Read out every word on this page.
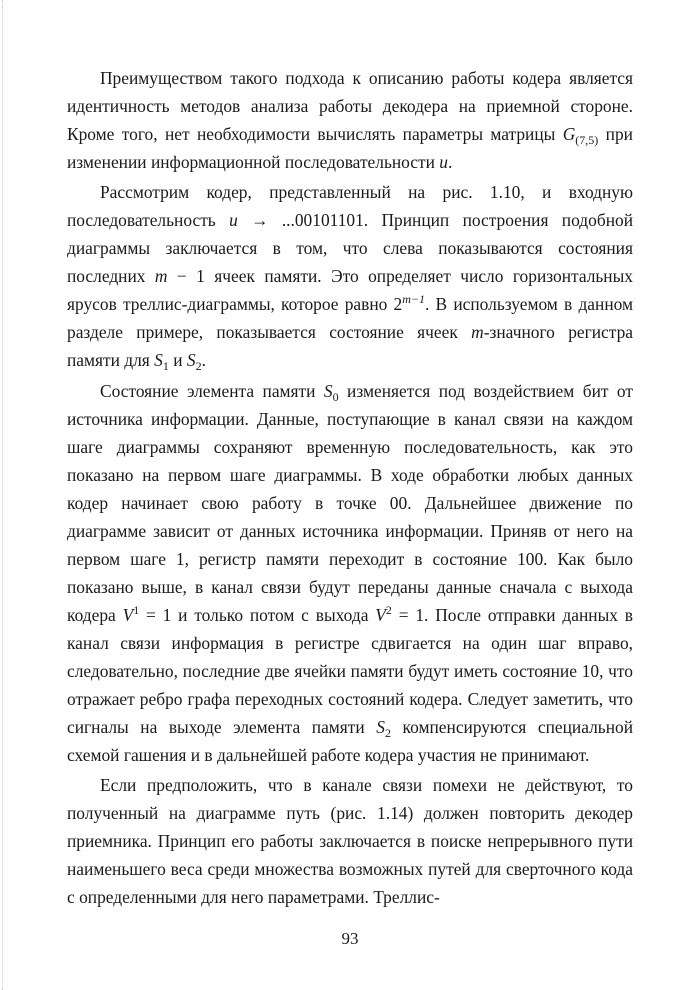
Преимуществом такого подхода к описанию работы кодера является идентичность методов анализа работы декодера на приемной стороне. Кроме того, нет необходимости вычислять параметры матрицы $G_{(7,5)}$ при изменении информационной последовательности u.

Рассмотрим кодер, представленный на рис. 1.10, и входную последовательность u → ...00101101. Принцип построения подобной диаграммы заключается в том, что слева показываются состояния последних m − 1 ячеек памяти. Это определяет число горизонтальных ярусов треллис-диаграммы, которое равно $2^{m-1}$. В используемом в данном разделе примере, показывается состояние ячеек m-значного регистра памяти для $S_1$ и $S_2$.

Состояние элемента памяти $S_0$ изменяется под воздействием бит от источника информации. Данные, поступающие в канал связи на каждом шаге диаграммы сохраняют временную последовательность, как это показано на первом шаге диаграммы. В ходе обработки любых данных кодер начинает свою работу в точке 00. Дальнейшее движение по диаграмме зависит от данных источника информации. Приняв от него на первом шаге 1, регистр памяти переходит в состояние 100. Как было показано выше, в канал связи будут переданы данные сначала с выхода кодера $V^1 = 1$ и только потом с выхода $V^2 = 1$. После отправки данных в канал связи информация в регистре сдвигается на один шаг вправо, следовательно, последние две ячейки памяти будут иметь состояние 10, что отражает ребро графа переходных состояний кодера. Следует заметить, что сигналы на выходе элемента памяти $S_2$ компенсируются специальной схемой гашения и в дальнейшей работе кодера участия не принимают.

Если предположить, что в канале связи помехи не действуют, то полученный на диаграмме путь (рис. 1.14) должен повторить декодер приемника. Принцип его работы заключается в поиске непрерывного пути наименьшего веса среди множества возможных путей для сверточного кода с определенными для него параметрами. Треллис-

93
